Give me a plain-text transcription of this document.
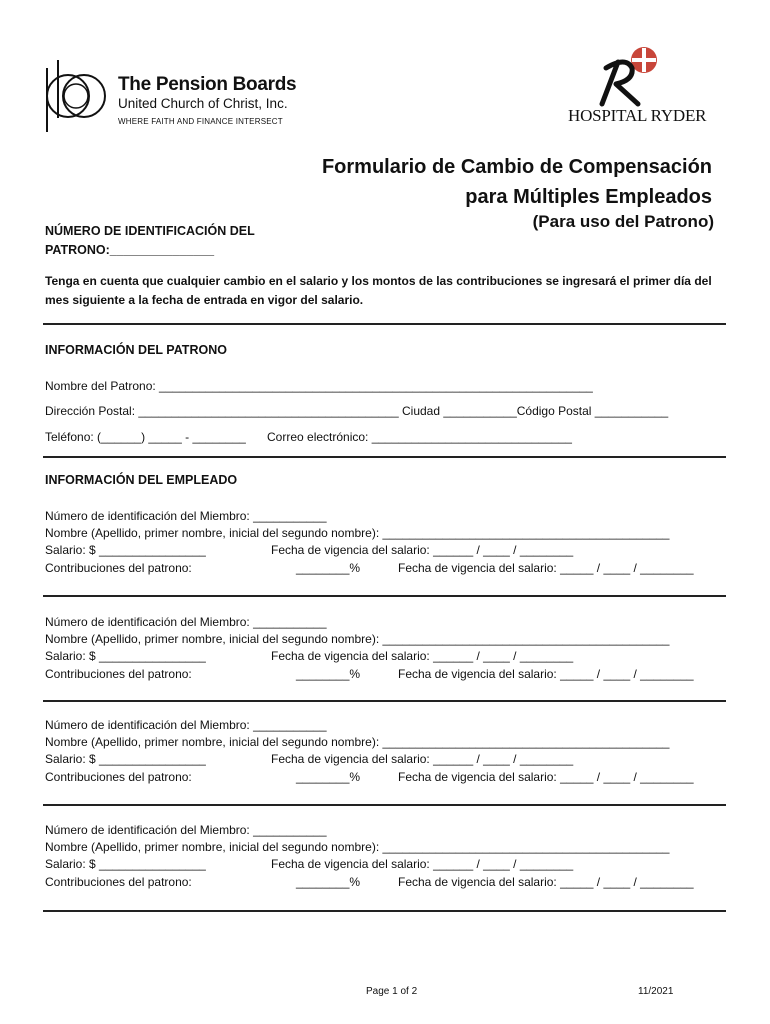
The Pension Boards
United Church of Christ, Inc.
WHERE FAITH AND FINANCE INTERSECT	HOSPITAL RYDER
Formulario de Cambio de Compensación
para Múltiples Empleados
(Para uso del Patrono)
NÚMERO DE IDENTIFICACIÓN DEL
PATRONO:_______________
Tenga en cuenta que cualquier cambio en el salario y los montos de las contribuciones se ingresará el primer día del mes siguiente a la fecha de entrada en vigor del salario.
INFORMACIÓN DEL PATRONO
Nombre del Patrono: _________________________________________________________________
Dirección Postal: _______________________________________ Ciudad ___________Código Postal ___________
Teléfono: (______) _____ - ________ Correo electrónico: ______________________________
INFORMACIÓN DEL EMPLEADO
Número de identificación del Miembro: ___________
Nombre (Apellido, primer nombre, inicial del segundo nombre): ___________________________________________
Salario: $ ________________	Fecha de vigencia del salario: ______ / ____ / ________
Contribuciones del patrono:	________%	Fecha de vigencia del salario: _____ / ____ / ________
Número de identificación del Miembro: ___________
Nombre (Apellido, primer nombre, inicial del segundo nombre): ___________________________________________
Salario: $ ________________	Fecha de vigencia del salario: ______ / ____ / ________
Contribuciones del patrono:	________%	Fecha de vigencia del salario: _____ / ____ / ________
Número de identificación del Miembro: ___________
Nombre (Apellido, primer nombre, inicial del segundo nombre): ___________________________________________
Salario: $ ________________	Fecha de vigencia del salario: ______ / ____ / ________
Contribuciones del patrono:	________%	Fecha de vigencia del salario: _____ / ____ / ________
Número de identificación del Miembro: ___________
Nombre (Apellido, primer nombre, inicial del segundo nombre): ___________________________________________
Salario: $ ________________	Fecha de vigencia del salario: ______ / ____ / ________
Contribuciones del patrono:	________%	Fecha de vigencia del salario: _____ / ____ / ________
Page 1 of 2	11/2021
